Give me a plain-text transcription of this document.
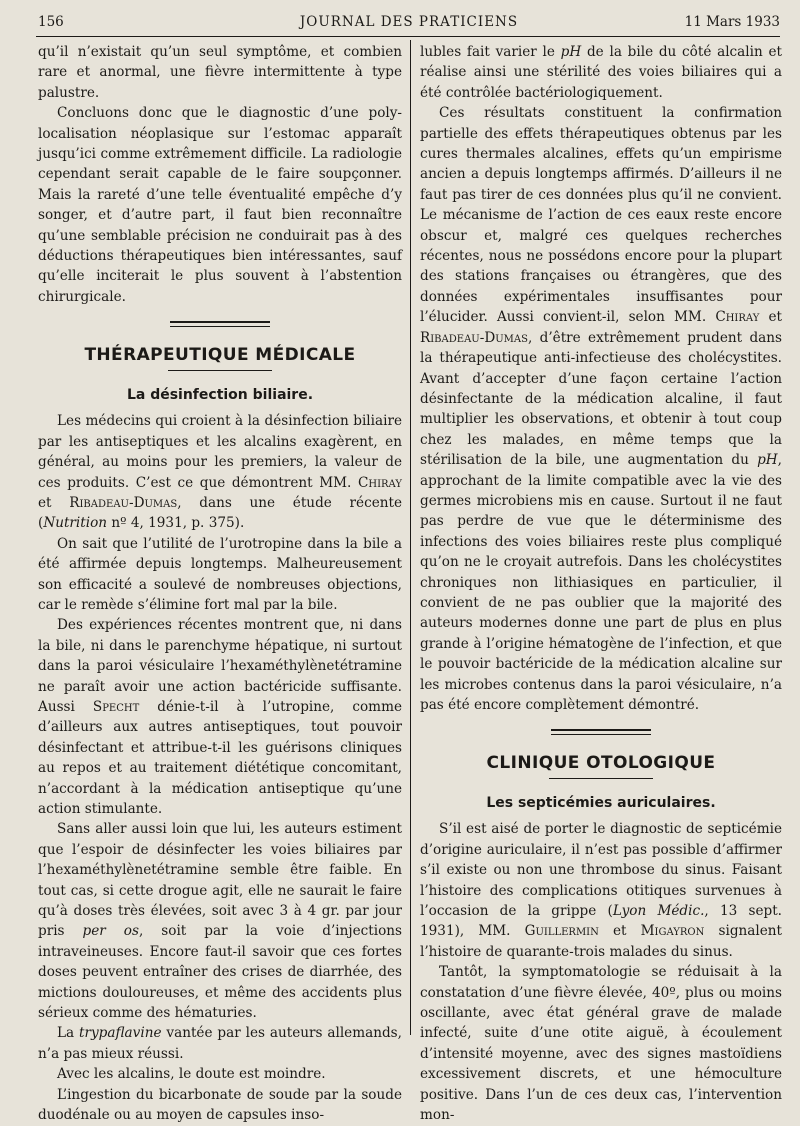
156	JOURNAL DES PRATICIENS	11 Mars 1933

qu’il n’existait qu’un seul symptôme, et combien rare et anormal, une fièvre intermittente à type palustre.

Concluons donc que le diagnostic d’une poly-localisation néoplasique sur l’estomac apparaît jusqu’ici comme extrêmement difficile. La radiologie cependant serait capable de le faire soupçonner. Mais la rareté d’une telle éventualité empêche d’y songer, et d’autre part, il faut bien reconnaître qu’une semblable précision ne conduirait pas à des déductions thérapeutiques bien intéressantes, sauf qu’elle inciterait le plus souvent à l’abstention chirurgicale.

THÉRAPEUTIQUE MÉDICALE
La désinfection biliaire.

Les médecins qui croient à la désinfection biliaire par les antiseptiques et les alcalins exagèrent, en général, au moins pour les premiers, la valeur de ces produits. C’est ce que démontrent MM. Chiray et Ribadeau-Dumas, dans une étude récente (Nutrition nº 4, 1931, p. 375).

On sait que l’utilité de l’urotropine dans la bile a été affirmée depuis longtemps. Malheureusement son efficacité a soulevé de nombreuses objections, car le remède s’élimine fort mal par la bile.

Des expériences récentes montrent que, ni dans la bile, ni dans le parenchyme hépatique, ni surtout dans la paroi vésiculaire l’hexaméthylènetétramine ne paraît avoir une action bactéricide suffisante. Aussi Specht dénie-t-il à l’utropine, comme d’ailleurs aux autres antiseptiques, tout pouvoir désinfectant et attribue-t-il les guérisons cliniques au repos et au traitement diététique concomitant, n’accordant à la médication antiseptique qu’une action stimulante.

Sans aller aussi loin que lui, les auteurs estiment que l’espoir de désinfecter les voies biliaires par l’hexaméthylènetétramine semble être faible. En tout cas, si cette drogue agit, elle ne saurait le faire qu’à doses très élevées, soit avec 3 à 4 gr. par jour pris per os, soit par la voie d’injections intraveineuses. Encore faut-il savoir que ces fortes doses peuvent entraîner des crises de diarrhée, des mictions douloureuses, et même des accidents plus sérieux comme des hématuries.

La trypaflavine vantée par les auteurs allemands, n’a pas mieux réussi.

Avec les alcalins, le doute est moindre.

L’ingestion du bicarbonate de soude par la soude duodénale ou au moyen de capsules inso-

lubles fait varier le pH de la bile du côté alcalin et réalise ainsi une stérilité des voies biliaires qui a été contrôlée bactériologiquement.

Ces résultats constituent la confirmation partielle des effets thérapeutiques obtenus par les cures thermales alcalines, effets qu’un empirisme ancien a depuis longtemps affirmés. D’ailleurs il ne faut pas tirer de ces données plus qu’il ne convient. Le mécanisme de l’action de ces eaux reste encore obscur et, malgré ces quelques recherches récentes, nous ne possédons encore pour la plupart des stations françaises ou étrangères, que des données expérimentales insuffisantes pour l’élucider. Aussi convient-il, selon MM. Chiray et Ribadeau-Dumas, d’être extrêmement prudent dans la thérapeutique anti-infectieuse des cholécystites. Avant d’accepter d’une façon certaine l’action désinfectante de la médication alcaline, il faut multiplier les observations, et obtenir à tout coup chez les malades, en même temps que la stérilisation de la bile, une augmentation du pH, approchant de la limite compatible avec la vie des germes microbiens mis en cause. Surtout il ne faut pas perdre de vue que le déterminisme des infections des voies biliaires reste plus compliqué qu’on ne le croyait autrefois. Dans les cholécystites chroniques non lithiasiques en particulier, il convient de ne pas oublier que la majorité des auteurs modernes donne une part de plus en plus grande à l’origine hématogène de l’infection, et que le pouvoir bactéricide de la médication alcaline sur les microbes contenus dans la paroi vésiculaire, n’a pas été encore complètement démontré.

CLINIQUE OTOLOGIQUE
Les septicémies auriculaires.

S’il est aisé de porter le diagnostic de septicémie d’origine auriculaire, il n’est pas possible d’affirmer s’il existe ou non une thrombose du sinus. Faisant l’histoire des complications otitiques survenues à l’occasion de la grippe (Lyon Médic., 13 sept. 1931), MM. Guillermin et Migayron signalent l’histoire de quarante-trois malades du sinus.

Tantôt, la symptomatologie se réduisait à la constatation d’une fièvre élevée, 40º, plus ou moins oscillante, avec état général grave de malade infecté, suite d’une otite aiguë, à écoulement d’intensité moyenne, avec des signes mastoïdiens excessivement discrets, et une hémoculture positive. Dans l’un de ces deux cas, l’intervention mon-
